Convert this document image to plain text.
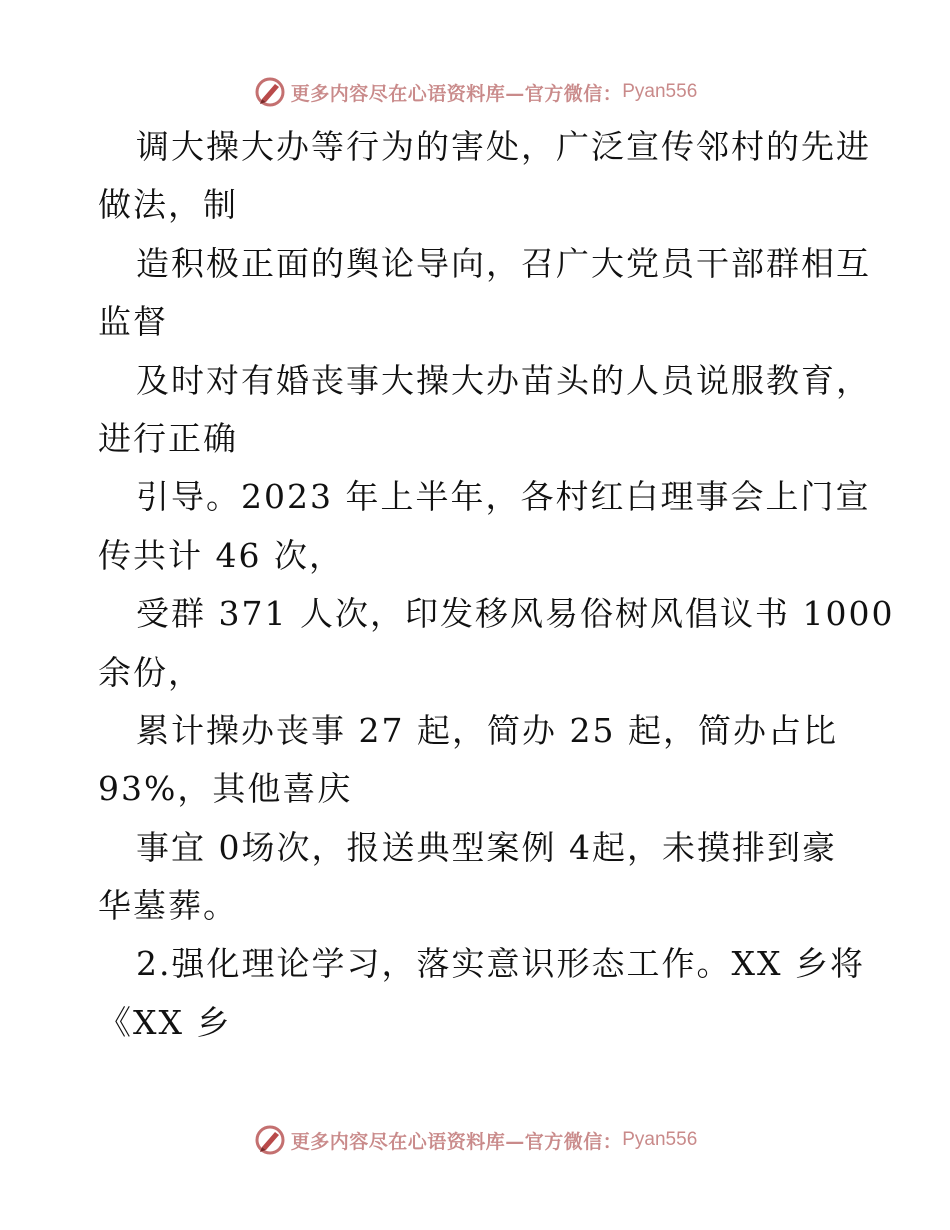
更多内容尽在心语资料库—官方微信： Pyan556
调大操大办等行为的害处，广泛宣传邻村的先进
做法，制
造积极正面的舆论导向，召广大党员干部群相互
监督
及时对有婚丧事大操大办苗头的人员说服教育，
进行正确
引导。2023 年上半年，各村红白理事会上门宣
传共计 46 次，
受群 371 人次，印发移风易俗树风倡议书 1000
余份，
累计操办丧事 27 起，简办 25 起，简办占比
93%，其他喜庆
事宜 0场次，报送典型案例 4起，未摸排到豪
华墓葬。
2.强化理论学习，落实意识形态工作。XX 乡将
《XX 乡
更多内容尽在心语资料库—官方微信： Pyan556
